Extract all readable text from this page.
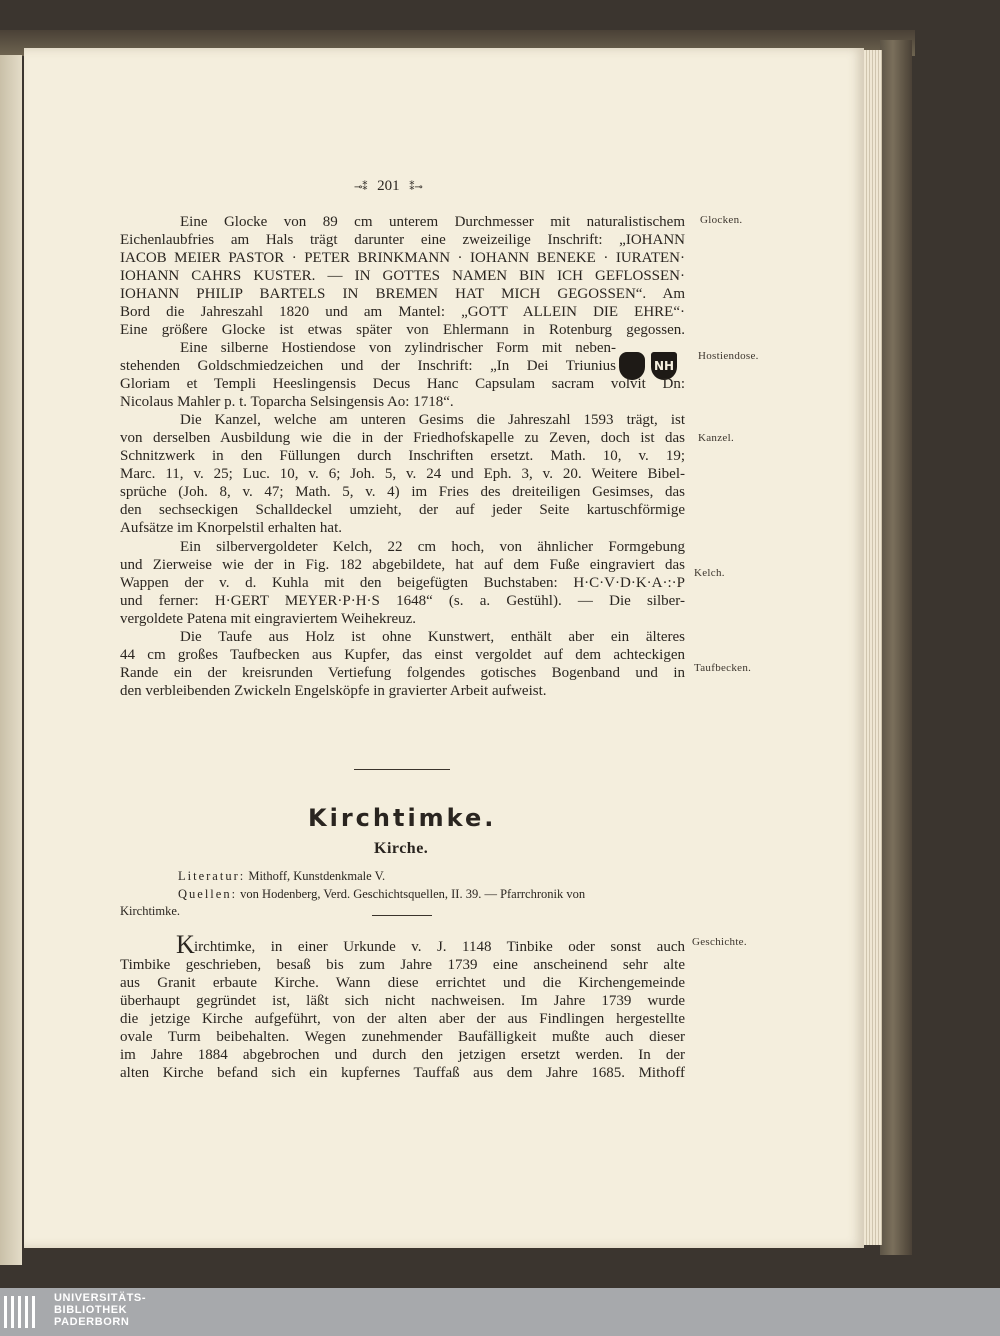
⊸⁑ 201 ⁑⊸
Glocken.
Hostiendose.
Kanzel.
Kelch.
Taufbecken.
Geschichte.
Eine Glocke von 89 cm unterem Durchmesser mit naturalistischem
Eichenlaubfries am Hals trägt darunter eine zweizeilige Inschrift: „IOHANN
IACOB MEIER PASTOR · PETER BRINKMANN · IOHANN BENEKE · IURATEN·
IOHANN CAHRS KUSTER. — IN GOTTES NAMEN BIN ICH GEFLOSSEN·
IOHANN PHILIP BARTELS IN BREMEN HAT MICH GEGOSSEN“. Am
Bord die Jahreszahl 1820 und am Mantel: „GOTT ALLEIN DIE EHRE“·
Eine größere Glocke ist etwas später von Ehlermann in Rotenburg gegossen.
Eine silberne Hostiendose von zylindrischer Form mit neben-
stehenden Goldschmiedzeichen und der Inschrift: „In Dei Triunius	NH
Gloriam et Templi Heeslingensis Decus Hanc Capsulam sacram volvit Dn:
Nicolaus Mahler p. t. Toparcha Selsingensis Ao: 1718“.
Die Kanzel, welche am unteren Gesims die Jahreszahl 1593 trägt, ist
von derselben Ausbildung wie die in der Friedhofskapelle zu Zeven, doch ist das
Schnitzwerk in den Füllungen durch Inschriften ersetzt. Math. 10, v. 19;
Marc. 11, v. 25; Luc. 10, v. 6; Joh. 5, v. 24 und Eph. 3, v. 20. Weitere Bibel-
sprüche (Joh. 8, v. 47; Math. 5, v. 4) im Fries des dreiteiligen Gesimses, das
den sechseckigen Schalldeckel umzieht, der auf jeder Seite kartuschförmige
Aufsätze im Knorpelstil erhalten hat.
Ein silbervergoldeter Kelch, 22 cm hoch, von ähnlicher Formgebung
und Zierweise wie der in Fig. 182 abgebildete, hat auf dem Fuße eingraviert das
Wappen der v. d. Kuhla mit den beigefügten Buchstaben: H·C·V·D·K·A·:·P
und ferner: H·GERT MEYER·P·H·S 1648“ (s. a. Gestühl). — Die silber-
vergoldete Patena mit eingraviertem Weihekreuz.
Die Taufe aus Holz ist ohne Kunstwert, enthält aber ein älteres
44 cm großes Taufbecken aus Kupfer, das einst vergoldet auf dem achteckigen
Rande ein der kreisrunden Vertiefung folgendes gotisches Bogenband und in
den verbleibenden Zwickeln Engelsköpfe in gravierter Arbeit aufweist.
Kirchtimke.
Kirche.
Literatur: Mithoff, Kunstdenkmale V.
Quellen: von Hodenberg, Verd. Geschichtsquellen, II. 39. — Pfarrchronik von
Kirchtimke.
K irchtimke, in einer Urkunde v. J. 1148 Tinbike oder sonst auch
Timbike geschrieben, besaß bis zum Jahre 1739 eine anscheinend sehr alte
aus Granit erbaute Kirche. Wann diese errichtet und die Kirchengemeinde
überhaupt gegründet ist, läßt sich nicht nachweisen. Im Jahre 1739 wurde
die jetzige Kirche aufgeführt, von der alten aber der aus Findlingen hergestellte
ovale Turm beibehalten. Wegen zunehmender Baufälligkeit mußte auch dieser
im Jahre 1884 abgebrochen und durch den jetzigen ersetzt werden. In der
alten Kirche befand sich ein kupfernes Tauffaß aus dem Jahre 1685. Mithoff
UNIVERSITÄTS-
BIBLIOTHEK
PADERBORN
